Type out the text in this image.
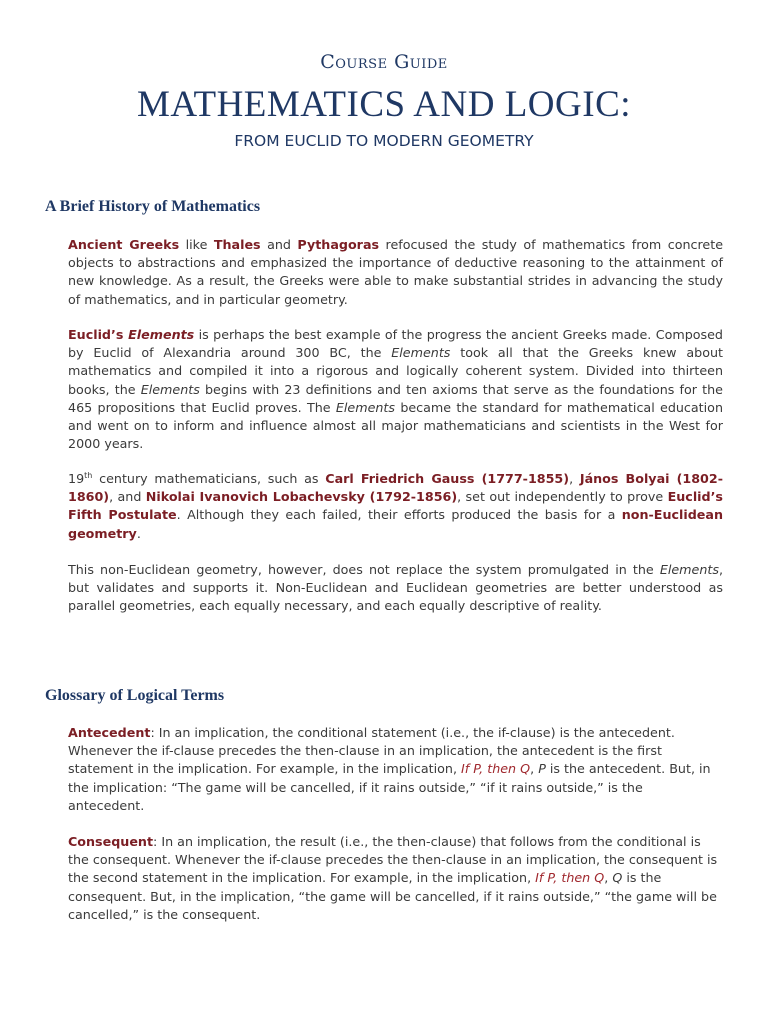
Course Guide
MATHEMATICS AND LOGIC:
FROM EUCLID TO MODERN GEOMETRY
A Brief History of Mathematics

Ancient Greeks like Thales and Pythagoras refocused the study of mathematics from concrete objects to abstractions and emphasized the importance of deductive reasoning to the attainment of new knowledge. As a result, the Greeks were able to make substantial strides in advancing the study of mathematics, and in particular geometry.

Euclid’s Elements is perhaps the best example of the progress the ancient Greeks made. Composed by Euclid of Alexandria around 300 BC, the Elements took all that the Greeks knew about mathematics and compiled it into a rigorous and logically coherent system. Divided into thirteen books, the Elements begins with 23 definitions and ten axioms that serve as the foundations for the 465 propositions that Euclid proves. The Elements became the standard for mathematical education and went on to inform and influence almost all major mathematicians and scientists in the West for 2000 years.

19th century mathematicians, such as Carl Friedrich Gauss (1777-1855), János Bolyai (1802-1860), and Nikolai Ivanovich Lobachevsky (1792-1856), set out independently to prove Euclid’s Fifth Postulate. Although they each failed, their efforts produced the basis for a non-Euclidean geometry.

This non-Euclidean geometry, however, does not replace the system promulgated in the Elements, but validates and supports it. Non-Euclidean and Euclidean geometries are better understood as parallel geometries, each equally necessary, and each equally descriptive of reality.

Glossary of Logical Terms

Antecedent: In an implication, the conditional statement (i.e., the if-clause) is the antecedent. Whenever the if-clause precedes the then-clause in an implication, the antecedent is the first statement in the implication. For example, in the implication, If P, then Q, P is the antecedent. But, in the implication: “The game will be cancelled, if it rains outside,” “if it rains outside,” is the antecedent.

Consequent: In an implication, the result (i.e., the then-clause) that follows from the conditional is the consequent. Whenever the if-clause precedes the then-clause in an implication, the consequent is the second statement in the implication. For example, in the implication, If P, then Q, Q is the consequent. But, in the implication, “the game will be cancelled, if it rains outside,” “the game will be cancelled,” is the consequent.
